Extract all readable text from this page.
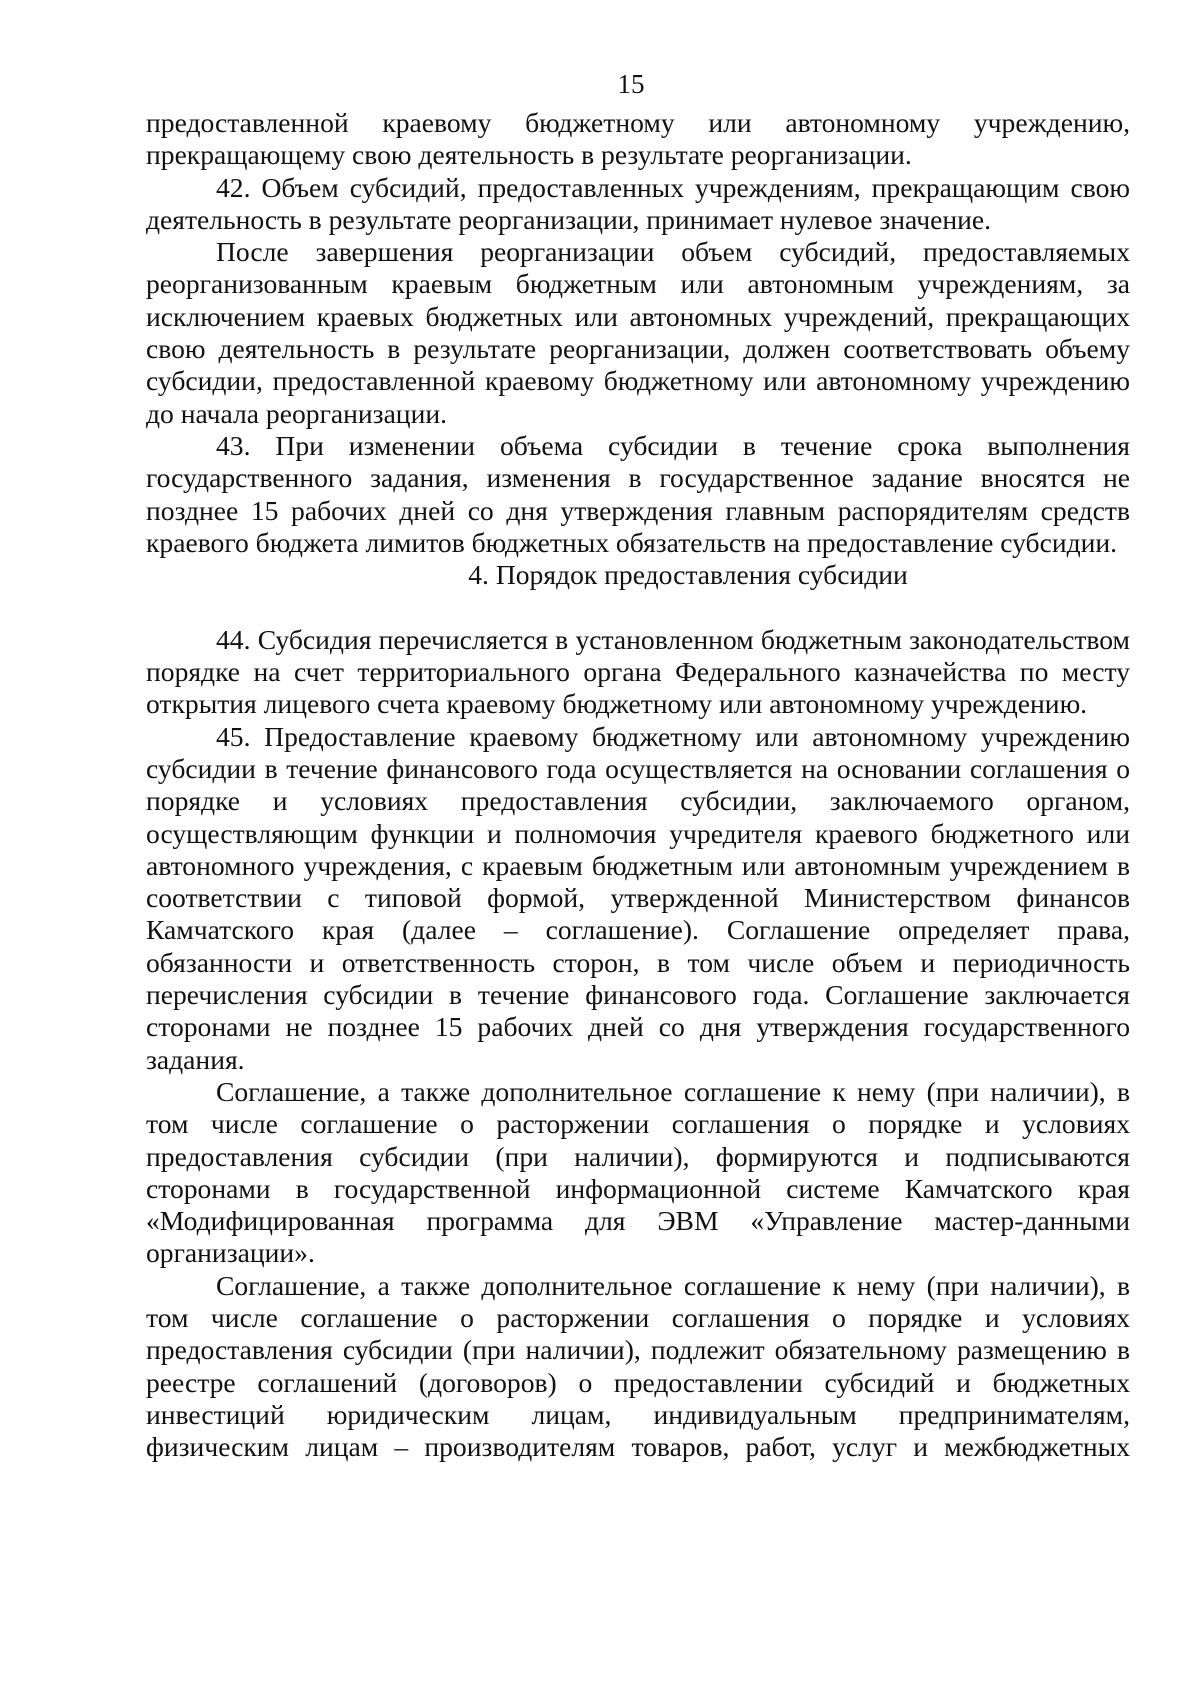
15

предоставленной краевому бюджетному или автономному учреждению, прекращающему свою деятельность в результате реорганизации.

42. Объем субсидий, предоставленных учреждениям, прекращающим свою деятельность в результате реорганизации, принимает нулевое значение.

После завершения реорганизации объем субсидий, предоставляемых реорганизованным краевым бюджетным или автономным учреждениям, за исключением краевых бюджетных или автономных учреждений, прекращающих свою деятельность в результате реорганизации, должен соответствовать объему субсидии, предоставленной краевому бюджетному или автономному учреждению до начала реорганизации.

43. При изменении объема субсидии в течение срока выполнения государственного задания, изменения в государственное задание вносятся не позднее 15 рабочих дней со дня утверждения главным распорядителям средств краевого бюджета лимитов бюджетных обязательств на предоставление субсидии.

4. Порядок предоставления субсидии

44. Субсидия перечисляется в установленном бюджетным законодательством порядке на счет территориального органа Федерального казначейства по месту открытия лицевого счета краевому бюджетному или автономному учреждению.

45. Предоставление краевому бюджетному или автономному учреждению субсидии в течение финансового года осуществляется на основании соглашения о порядке и условиях предоставления субсидии, заключаемого органом, осуществляющим функции и полномочия учредителя краевого бюджетного или автономного учреждения, с краевым бюджетным или автономным учреждением в соответствии с типовой формой, утвержденной Министерством финансов Камчатского края (далее – соглашение). Соглашение определяет права, обязанности и ответственность сторон, в том числе объем и периодичность перечисления субсидии в течение финансового года. Соглашение заключается сторонами не позднее 15 рабочих дней со дня утверждения государственного задания.

Соглашение, а также дополнительное соглашение к нему (при наличии), в том числе соглашение о расторжении соглашения о порядке и условиях предоставления субсидии (при наличии), формируются и подписываются сторонами в государственной информационной системе Камчатского края «Модифицированная программа для ЭВМ «Управление мастер-данными организации».

Соглашение, а также дополнительное соглашение к нему (при наличии), в том числе соглашение о расторжении соглашения о порядке и условиях предоставления субсидии (при наличии), подлежит обязательному размещению в реестре соглашений (договоров) о предоставлении субсидий и бюджетных инвестиций юридическим лицам, индивидуальным предпринимателям, физическим лицам – производителям товаров, работ, услуг и межбюджетных
